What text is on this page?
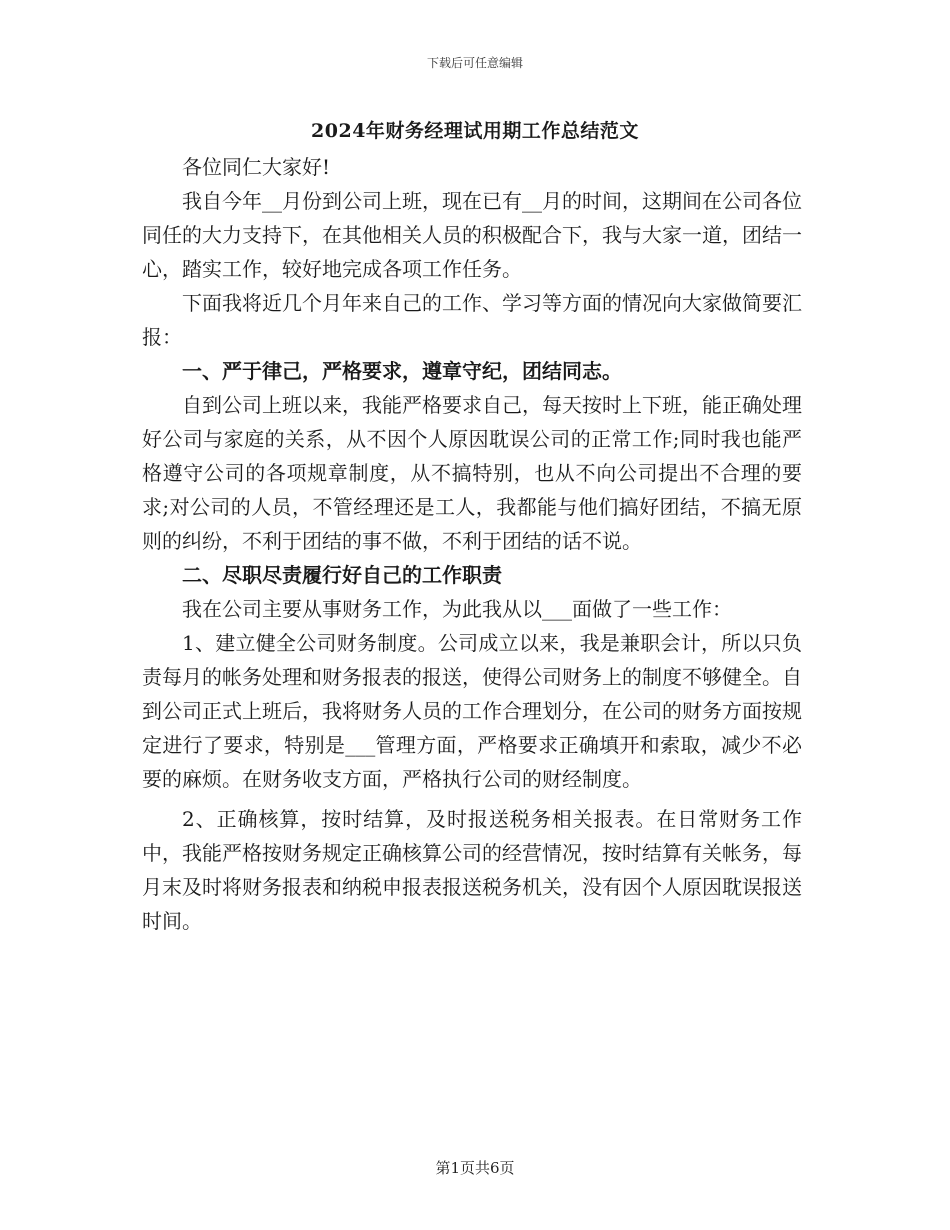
下载后可任意编辑
2024年财务经理试用期工作总结范文

各位同仁大家好!

我自今年__月份到公司上班，现在已有__月的时间，这期间在公司各位同任的大力支持下，在其他相关人员的积极配合下，我与大家一道，团结一心，踏实工作，较好地完成各项工作任务。

下面我将近几个月年来自己的工作、学习等方面的情况向大家做简要汇报：

一、严于律己，严格要求，遵章守纪，团结同志。

自到公司上班以来，我能严格要求自己，每天按时上下班，能正确处理好公司与家庭的关系，从不因个人原因耽误公司的正常工作;同时我也能严格遵守公司的各项规章制度，从不搞特别，也从不向公司提出不合理的要求;对公司的人员，不管经理还是工人，我都能与他们搞好团结，不搞无原则的纠纷，不利于团结的事不做，不利于团结的话不说。

二、尽职尽责履行好自己的工作职责

我在公司主要从事财务工作，为此我从以___面做了一些工作：

1、建立健全公司财务制度。公司成立以来，我是兼职会计，所以只负责每月的帐务处理和财务报表的报送，使得公司财务上的制度不够健全。自到公司正式上班后，我将财务人员的工作合理划分，在公司的财务方面按规定进行了要求，特别是___管理方面，严格要求正确填开和索取，减少不必要的麻烦。在财务收支方面，严格执行公司的财经制度。

2、正确核算，按时结算，及时报送税务相关报表。在日常财务工作中，我能严格按财务规定正确核算公司的经营情况，按时结算有关帐务，每月末及时将财务报表和纳税申报表报送税务机关，没有因个人原因耽误报送时间。

第1页共6页
